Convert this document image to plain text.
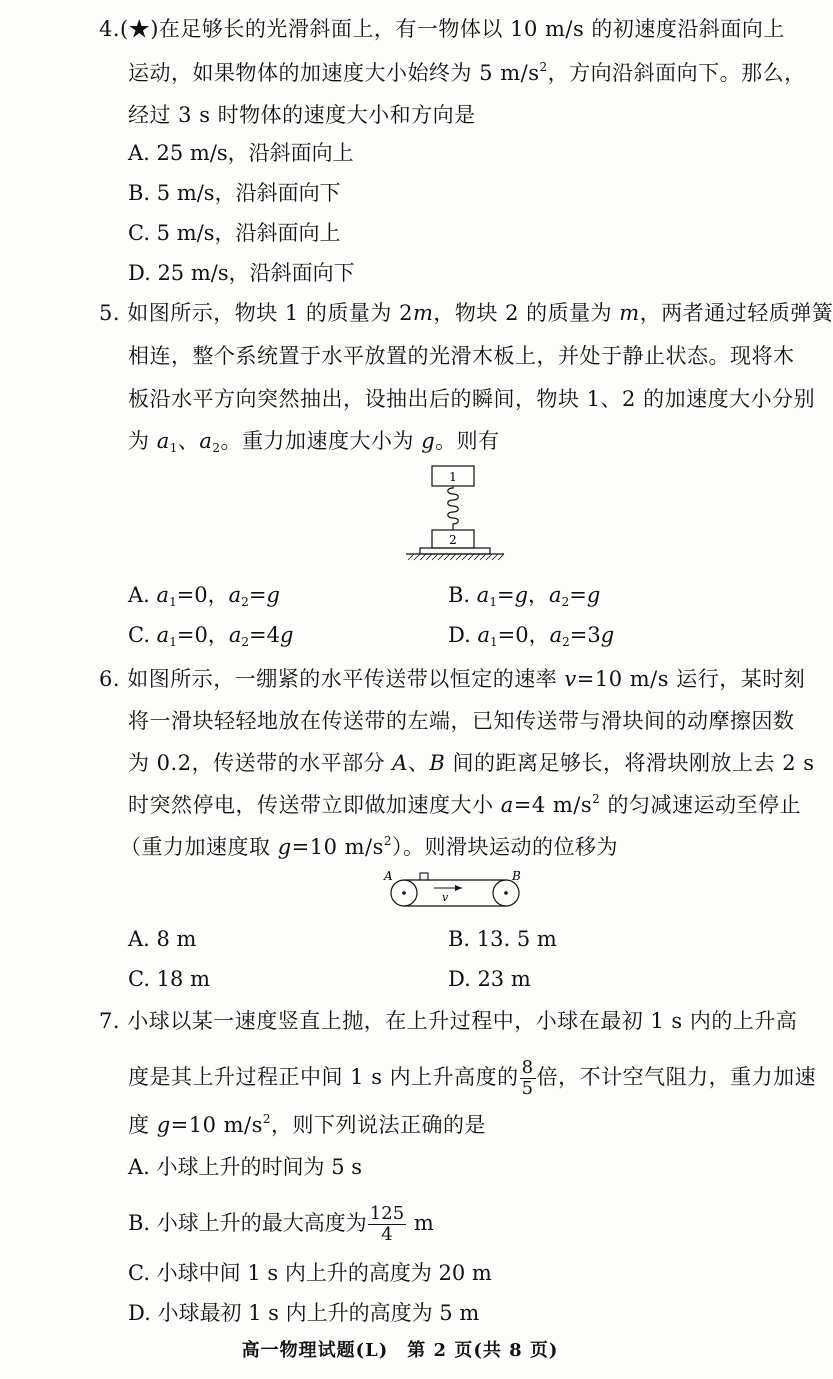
4.(★)在足够长的光滑斜面上，有一物体以 10 m/s 的初速度沿斜面向上
运动，如果物体的加速度大小始终为 5 $m/s^2$，方向沿斜面向下。那么，
经过 3 s 时物体的速度大小和方向是
A. 25 m/s，沿斜面向上
B. 5 m/s，沿斜面向下
C. 5 m/s，沿斜面向上
D. 25 m/s，沿斜面向下
5. 如图所示，物块 1 的质量为 2m，物块 2 的质量为 m，两者通过轻质弹簧
相连，整个系统置于水平放置的光滑木板上，并处于静止状态。现将木
板沿水平方向突然抽出，设抽出后的瞬间，物块 1、2 的加速度大小分别
为 $a_1$、$a_2$。重力加速度大小为 g。则有
1
2
A. $a_1=0$，$a_2=g$	B. $a_1=g$，$a_2=g$
C. $a_1=0$，$a_2=4g$	D. $a_1=0$，$a_2=3g$
6. 如图所示，一绷紧的水平传送带以恒定的速率 v=10 m/s 运行，某时刻
将一滑块轻轻地放在传送带的左端，已知传送带与滑块间的动摩擦因数
为 0.2，传送带的水平部分 A、B 间的距离足够长，将滑块刚放上去 2 s
时突然停电，传送带立即做加速度大小 a=4 $m/s^2$ 的匀减速运动至停止
（重力加速度取 g=10 $m/s^2$）。则滑块运动的位移为
A	B
v
A. 8 m	B. 13. 5 m
C. 18 m	D. 23 m
7. 小球以某一速度竖直上抛，在上升过程中，小球在最初 1 s 内的上升高
度是其上升过程正中间 1 s 内上升高度的 $\frac{8}{5}$ 倍，不计空气阻力，重力加速
度 g=10 $m/s^2$，则下列说法正确的是
A. 小球上升的时间为 5 s
B. 小球上升的最大高度为 $\frac{125}{4}$ m
C. 小球中间 1 s 内上升的高度为 20 m
D. 小球最初 1 s 内上升的高度为 5 m
高一物理试题(L)　第 2 页(共 8 页)
